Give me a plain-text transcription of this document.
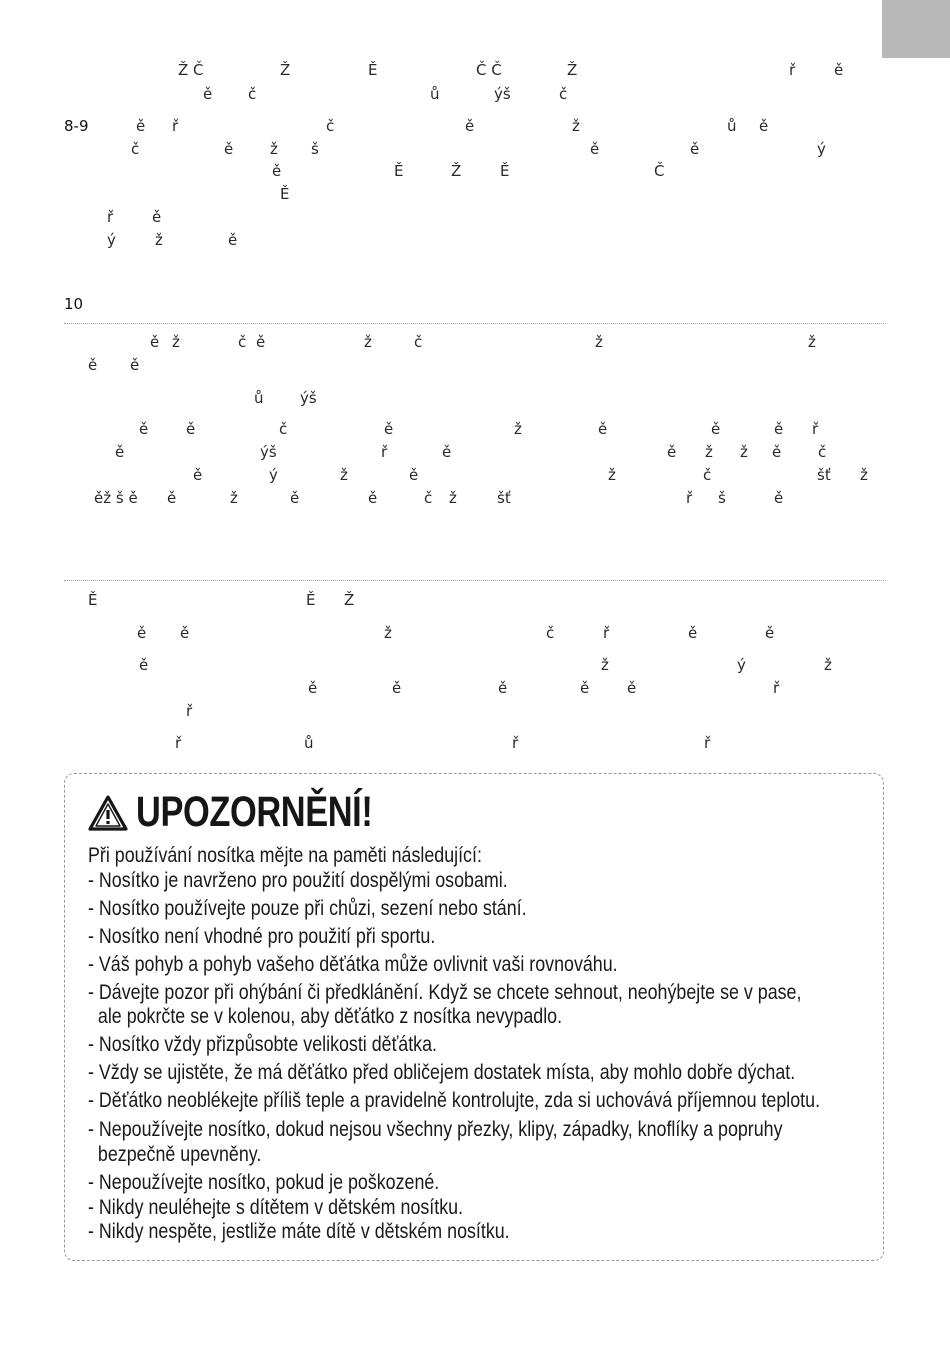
8-9
10
Ž Č	Ž	Ě	Č Č	Ž	ř	ě
ě č	ů	ýš	č
ě ř	č	ě	ž	ů ě
č	ě ž š	ě	ě	ý
ě	Ě	Ž	Ě	Č
Ě
ř	ě
ý	ž	ě
ě ž	č ě	ž	č	ž	ž
ě ě
ů ýš
ě	ě	č	ě	ž	ě	ě	ě ř
ě	ýš	ř	ě	ě ž ž ě č
ě	ý	ž	ě	ž	č	šť ž
ěž š ě ě	ž	ě	ě	č ž	šť	ř š	ě
Ě	Ě Ž
ě ě	ž	č	ř	ě	ě
ě	ž	ý	ž
ě	ě	ě	ě	ě	ř
ř
ř	ů	ř	ř
UPOZORNĚNÍ!
Při používání nosítka mějte na paměti následující:
- Nosítko je navrženo pro použití dospělými osobami.
- Nosítko používejte pouze při chůzi, sezení nebo stání.
- Nosítko není vhodné pro použití při sportu.
- Váš pohyb a pohyb vašeho děťátka může ovlivnit vaši rovnováhu.
- Dávejte pozor při ohýbání či předklánění. Když se chcete sehnout, neohýbejte se v pase,
ale pokrčte se v kolenou, aby děťátko z nosítka nevypadlo.
- Nosítko vždy přizpůsobte velikosti děťátka.
- Vždy se ujistěte, že má děťátko před obličejem dostatek místa, aby mohlo dobře dýchat.
- Děťátko neoblékejte příliš teple a pravidelně kontrolujte, zda si uchovává příjemnou teplotu.
- Nepoužívejte nosítko, dokud nejsou všechny přezky, klipy, západky, knoflíky a popruhy
bezpečně upevněny.
- Nepoužívejte nosítko, pokud je poškozené.
- Nikdy neuléhejte s dítětem v dětském nosítku.
- Nikdy nespěte, jestliže máte dítě v dětském nosítku.
